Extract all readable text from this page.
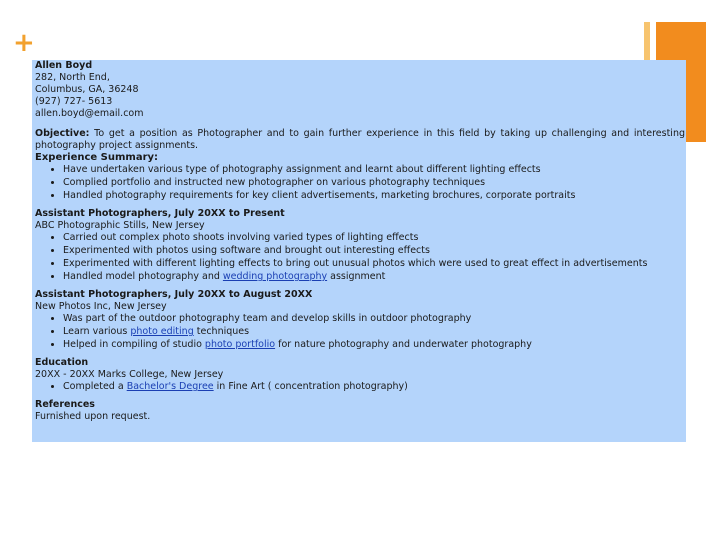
+

Allen Boyd

282, North End,

Columbus, GA, 36248

(927) 727- 5613

allen.boyd@email.com

Objective: To get a position as Photographer and to gain further experience in this field by taking up challenging and interesting photography project assignments.

Experience Summary:

• Have undertaken various type of photography assignment and learnt about different lighting effects
• Complied portfolio and instructed new photographer on various photography techniques
• Handled photography requirements for key client advertisements, marketing brochures, corporate portraits

Assistant Photographers, July 20XX to Present

ABC Photographic Stills, New Jersey

• Carried out complex photo shoots involving varied types of lighting effects
• Experimented with photos using software and brought out interesting effects
• Experimented with different lighting effects to bring out unusual photos which were used to great effect in advertisements
• Handled model photography and wedding photography assignment

Assistant Photographers, July 20XX to August 20XX

New Photos Inc, New Jersey

• Was part of the outdoor photography team and develop skills in outdoor photography
• Learn various photo editing techniques
• Helped in compiling of studio photo portfolio for nature photography and underwater photography

Education

20XX - 20XX Marks College, New Jersey

• Completed a Bachelor's Degree in Fine Art ( concentration photography)

References

Furnished upon request.
